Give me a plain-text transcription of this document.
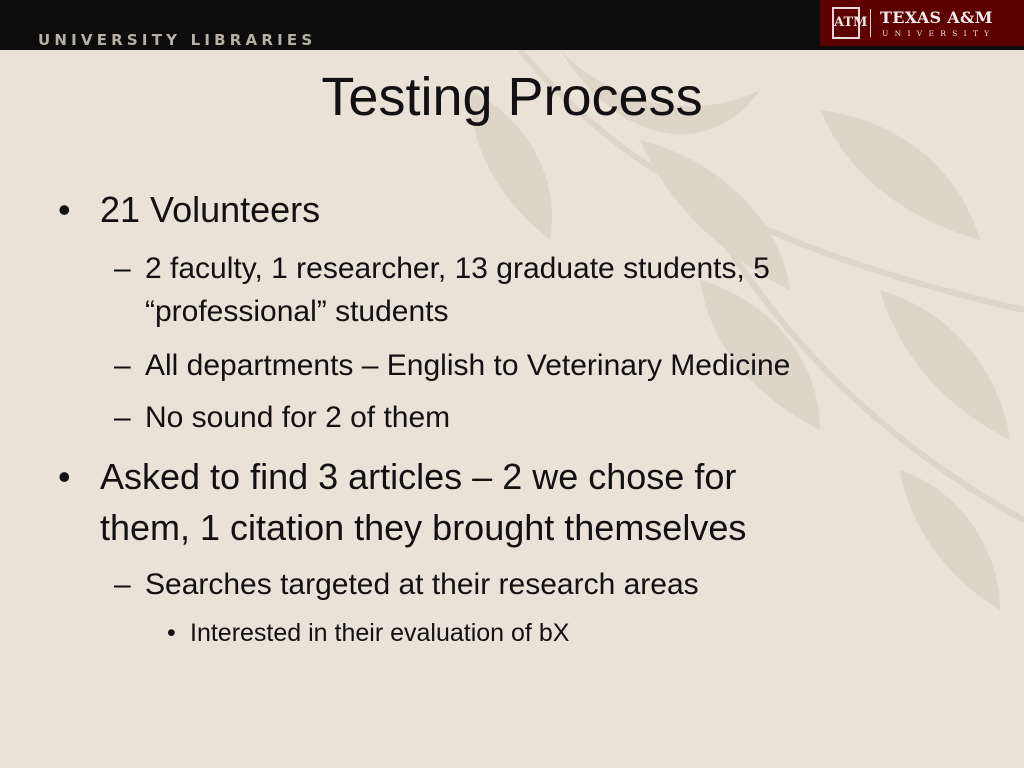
UNIVERSITY LIBRARIES
ATM TEXAS A&M
UNIVERSITY
Testing Process
• 21 Volunteers
– 2 faculty, 1 researcher, 13 graduate students, 5
“professional” students
– All departments – English to Veterinary Medicine
– No sound for 2 of them
• Asked to find 3 articles – 2 we chose for
them, 1 citation they brought themselves
– Searches targeted at their research areas
• Interested in their evaluation of bX
